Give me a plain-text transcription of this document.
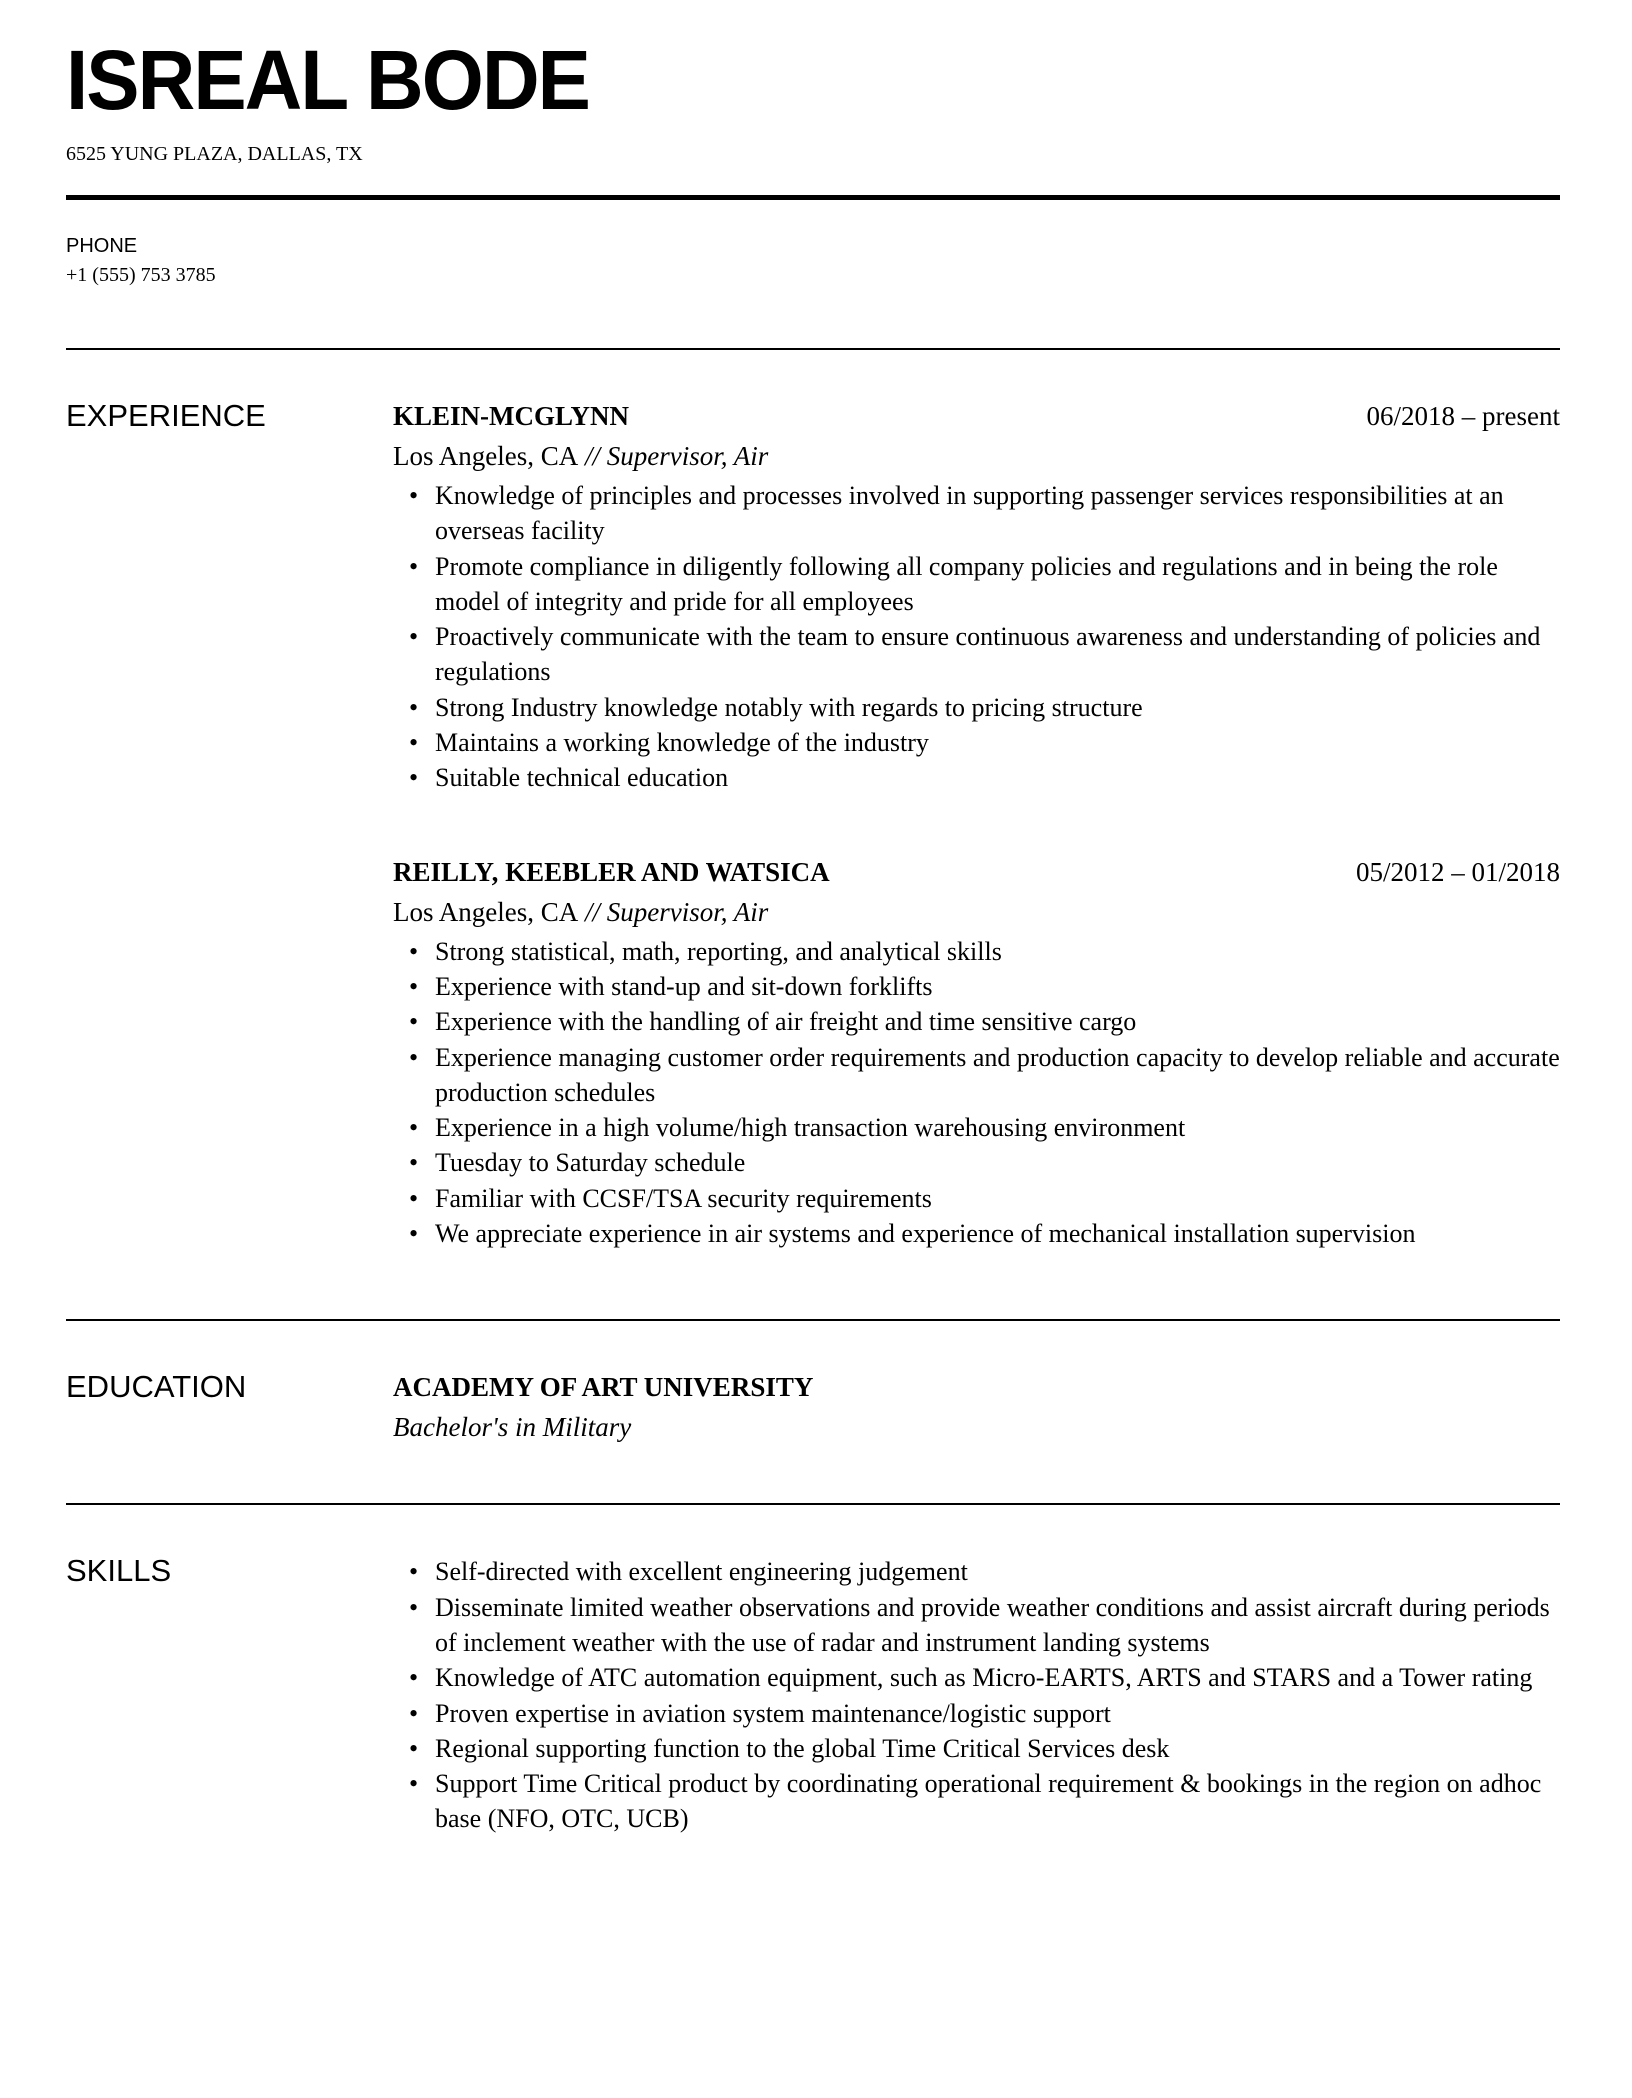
ISREAL BODE
6525 YUNG PLAZA, DALLAS, TX
PHONE
+1 (555) 753 3785
EXPERIENCE	KLEIN-MCGLYNN	06/2018 – present
Los Angeles, CA // Supervisor, Air
• Knowledge of principles and processes involved in supporting passenger services responsibilities at an overseas facility
• Promote compliance in diligently following all company policies and regulations and in being the role model of integrity and pride for all employees
• Proactively communicate with the team to ensure continuous awareness and understanding of policies and regulations
• Strong Industry knowledge notably with regards to pricing structure
• Maintains a working knowledge of the industry
• Suitable technical education
REILLY, KEEBLER AND WATSICA	05/2012 – 01/2018
Los Angeles, CA // Supervisor, Air
• Strong statistical, math, reporting, and analytical skills
• Experience with stand-up and sit-down forklifts
• Experience with the handling of air freight and time sensitive cargo
• Experience managing customer order requirements and production capacity to develop reliable and accurate production schedules
• Experience in a high volume/high transaction warehousing environment
• Tuesday to Saturday schedule
• Familiar with CCSF/TSA security requirements
• We appreciate experience in air systems and experience of mechanical installation supervision
EDUCATION	ACADEMY OF ART UNIVERSITY
Bachelor's in Military
SKILLS	• Self-directed with excellent engineering judgement
• Disseminate limited weather observations and provide weather conditions and assist aircraft during periods of inclement weather with the use of radar and instrument landing systems
• Knowledge of ATC automation equipment, such as Micro-EARTS, ARTS and STARS and a Tower rating
• Proven expertise in aviation system maintenance/logistic support
• Regional supporting function to the global Time Critical Services desk
• Support Time Critical product by coordinating operational requirement & bookings in the region on adhoc base (NFO, OTC, UCB)
